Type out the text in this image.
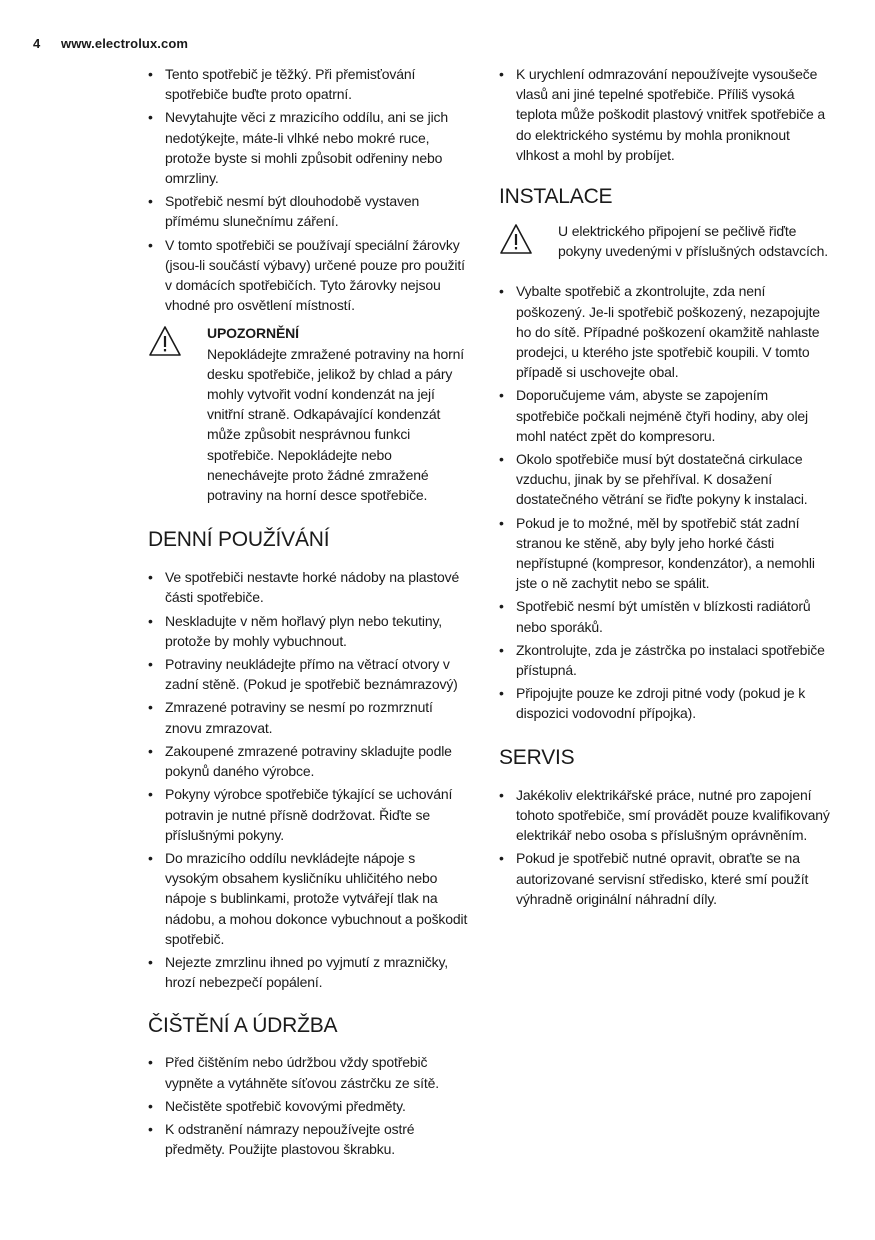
4 www.electrolux.com
• Tento spotřebič je těžký. Při přemisťování spotřebiče buďte proto opatrní.
• Nevytahujte věci z mrazicího oddílu, ani se jich nedotýkejte, máte-li vlhké nebo mokré ruce, protože byste si mohli způsobit odřeniny nebo omrzliny.
• Spotřebič nesmí být dlouhodobě vystaven přímému slunečnímu záření.
• V tomto spotřebiči se používají speciální žárovky (jsou-li součástí výbavy) určené pouze pro použití v domácích spotřebičích. Tyto žárovky nejsou vhodné pro osvětlení místností.
UPOZORNĚNÍ
Nepokládejte zmražené potraviny na horní desku spotřebiče, jelikož by chlad a páry mohly vytvořit vodní kondenzát na její vnitřní straně. Odkapávající kondenzát může způsobit nesprávnou funkci spotřebiče. Nepokládejte nebo nenechávejte proto žádné zmražené potraviny na horní desce spotřebiče.
DENNÍ POUŽÍVÁNÍ
• Ve spotřebiči nestavte horké nádoby na plastové části spotřebiče.
• Neskladujte v něm hořlavý plyn nebo tekutiny, protože by mohly vybuchnout.
• Potraviny neukládejte přímo na větrací otvory v zadní stěně. (Pokud je spotřebič beznámrazový)
• Zmrazené potraviny se nesmí po rozmrznutí znovu zmrazovat.
• Zakoupené zmrazené potraviny skladujte podle pokynů daného výrobce.
• Pokyny výrobce spotřebiče týkající se uchování potravin je nutné přísně dodržovat. Řiďte se příslušnými pokyny.
• Do mrazicího oddílu nevkládejte nápoje s vysokým obsahem kysličníku uhličitého nebo nápoje s bublinkami, protože vytvářejí tlak na nádobu, a mohou dokonce vybuchnout a poškodit spotřebič.
• Nejezte zmrzlinu ihned po vyjmutí z mrazničky, hrozí nebezpečí popálení.
ČIŠTĚNÍ A ÚDRŽBA
• Před čištěním nebo údržbou vždy spotřebič vypněte a vytáhněte síťovou zástrčku ze sítě.
• Nečistěte spotřebič kovovými předměty.
• K odstranění námrazy nepoužívejte ostré předměty. Použijte plastovou škrabku.
• K urychlení odmrazování nepoužívejte vysoušeče vlasů ani jiné tepelné spotřebiče. Příliš vysoká teplota může poškodit plastový vnitřek spotřebiče a do elektrického systému by mohla proniknout vlhkost a mohl by probíjet.
INSTALACE
U elektrického připojení se pečlivě řiďte pokyny uvedenými v příslušných odstavcích.
• Vybalte spotřebič a zkontrolujte, zda není poškozený. Je-li spotřebič poškozený, nezapojujte ho do sítě. Případné poškození okamžitě nahlaste prodejci, u kterého jste spotřebič koupili. V tomto případě si uschovejte obal.
• Doporučujeme vám, abyste se zapojením spotřebiče počkali nejméně čtyři hodiny, aby olej mohl natéct zpět do kompresoru.
• Okolo spotřebiče musí být dostatečná cirkulace vzduchu, jinak by se přehříval. K dosažení dostatečného větrání se řiďte pokyny k instalaci.
• Pokud je to možné, měl by spotřebič stát zadní stranou ke stěně, aby byly jeho horké části nepřístupné (kompresor, kondenzátor), a nemohli jste o ně zachytit nebo se spálit.
• Spotřebič nesmí být umístěn v blízkosti radiátorů nebo sporáků.
• Zkontrolujte, zda je zástrčka po instalaci spotřebiče přístupná.
• Připojujte pouze ke zdroji pitné vody (pokud je k dispozici vodovodní přípojka).
SERVIS
• Jakékoliv elektrikářské práce, nutné pro zapojení tohoto spotřebiče, smí provádět pouze kvalifikovaný elektrikář nebo osoba s příslušným oprávněním.
• Pokud je spotřebič nutné opravit, obraťte se na autorizované servisní středisko, které smí použít výhradně originální náhradní díly.
